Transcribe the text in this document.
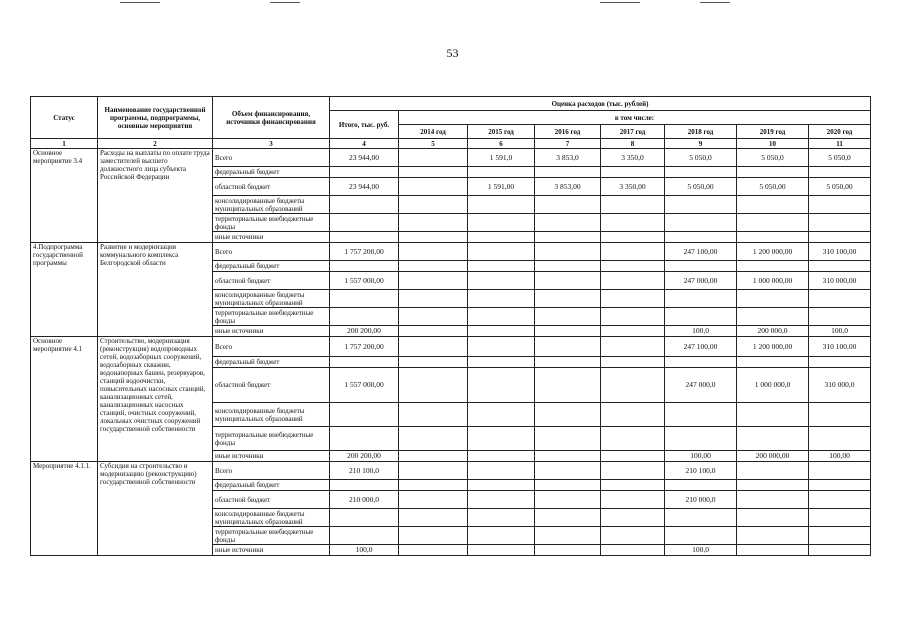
53
Статус	Наименование государственной программы, подпрограммы, основные мероприятия	Объем финансирования, источники финансирования	Оценка расходов (тыс. рублей)							
			Итого, тыс. руб.	в том числе:						
				2014 год	2015 год	2016 год	2017 год	2018 год	2019 год	2020 год
1	2	3	4	5	6	7	8	9	10	11
Основное мероприятие 3.4	Расходы на выплаты по оплате труда заместителей высшего должностного лица субъекта Российской Федерации	Всего	23 944,00		1 591,0	3 853,0	3 350,0	5 050,0	5 050,0	5 050,0
		федеральный бюджет								
		областной бюджет	23 944,00		1 591,00	3 853,00	3 350,00	5 050,00	5 050,00	5 050,00
		консолидированные бюджеты муниципальных образований								
		территориальные внебюджетные фонды								
		иные источники								
4.Подпрограмма государственной программы	Развитие и модернизация коммунального комплекса Белгородской области	Всего	1 757 200,00					247 100,00	1 200 000,00	310 100,00
		федеральный бюджет								
		областной бюджет	1 557 000,00					247 000,00	1 000 000,00	310 000,00
		консолидированные бюджеты муниципальных образований								
		территориальные внебюджетные фонды								
		иные источники	200 200,00					100,0	200 000,0	100,0
Основное мероприятие 4.1	Строительство, модернизация (реконструкция) водопроводных сетей, водозаборных сооружений, водозаборных скважин, водонапорных башен, резервуаров, станций водоочистки, повысительных насосных станций, канализационных сетей, канализационных насосных станций, очистных сооружений, локальных очистных сооружений государственной собственности	Всего	1 757 200,00					247 100,00	1 200 000,00	310 100,00
		федеральный бюджет								
		областной бюджет	1 557 000,00					247 000,0	1 000 000,0	310 000,0
		консолидированные бюджеты муниципальных образований								
		территориальные внебюджетные фонды								
		иные источники	200 200,00					100,00	200 000,00	100,00
Мероприятие 4.1.1.	Субсидия на строительство и модернизацию (реконструкцию) государственной собственности	Всего	210 100,0					210 100,0		
		федеральный бюджет								
		областной бюджет	210 000,0					210 000,0		
		консолидированные бюджеты муниципальных образований								
		территориальные внебюджетные фонды								
		иные источники	100,0					100,0		
